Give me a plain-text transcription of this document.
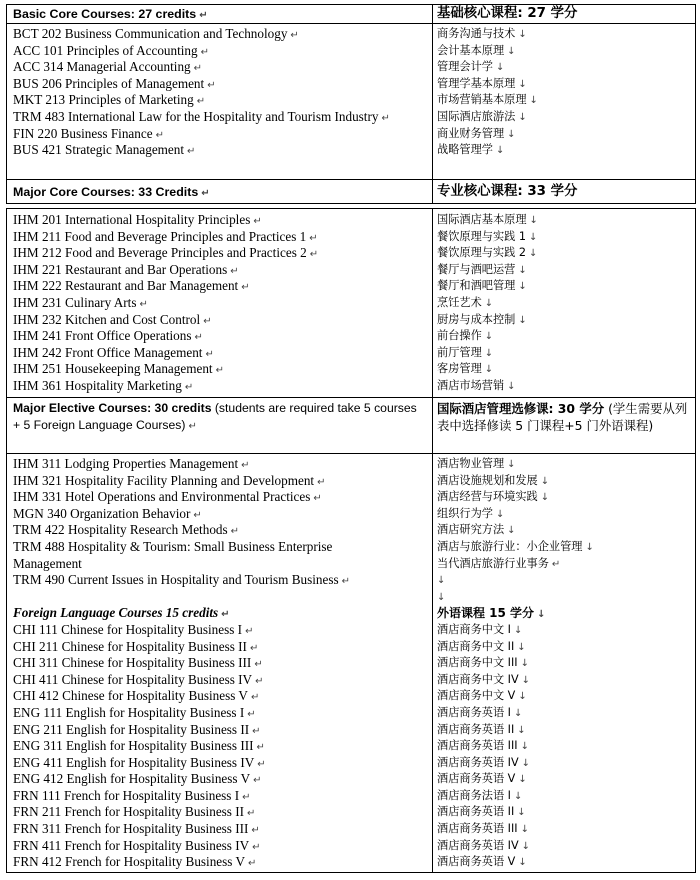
Basic Core Courses: 27 credits ↵	基础核心课程: 27 学分
BCT 202 Business Communication and Technology ↵
ACC 101 Principles of Accounting ↵
ACC 314 Managerial Accounting ↵
BUS 206 Principles of Management ↵
MKT 213 Principles of Marketing ↵
TRM 483 International Law for the Hospitality and Tourism Industry ↵
FIN 220 Business Finance ↵
BUS 421 Strategic Management ↵
商务沟通与技术 ↓
会计基本原理 ↓
管理会计学 ↓
管理学基本原理 ↓
市场营销基本原理 ↓
国际酒店旅游法 ↓
商业财务管理 ↓
战略管理学 ↓
Major Core Courses: 33 Credits ↵	专业核心课程: 33 学分
IHM 201 International Hospitality Principles ↵
IHM 211 Food and Beverage Principles and Practices 1 ↵
IHM 212 Food and Beverage Principles and Practices 2 ↵
IHM 221 Restaurant and Bar Operations ↵
IHM 222 Restaurant and Bar Management ↵
IHM 231 Culinary Arts ↵
IHM 232 Kitchen and Cost Control ↵
IHM 241 Front Office Operations ↵
IHM 242 Front Office Management ↵
IHM 251 Housekeeping Management ↵
IHM 361 Hospitality Marketing ↵
国际酒店基本原理 ↓
餐饮原理与实践 1 ↓
餐饮原理与实践 2 ↓
餐厅与酒吧运营 ↓
餐厅和酒吧管理 ↓
烹饪艺术 ↓
厨房与成本控制 ↓
前台操作 ↓
前厅管理 ↓
客房管理 ↓
酒店市场营销 ↓
Major Elective Courses: 30 credits (students are required take 5 courses + 5 Foreign Language Courses) ↵
国际酒店管理选修课: 30 学分 (学生需要从列表中选择修读 5 门课程+5 门外语课程)
IHM 311 Lodging Properties Management ↵
IHM 321 Hospitality Facility Planning and Development ↵
IHM 331 Hotel Operations and Environmental Practices ↵
MGN 340 Organization Behavior ↵
TRM 422 Hospitality Research Methods ↵
TRM 488 Hospitality & Tourism: Small Business Enterprise Management
TRM 490 Current Issues in Hospitality and Tourism Business ↵
Foreign Language Courses 15 credits ↵
CHI 111 Chinese for Hospitality Business I ↵
CHI 211 Chinese for Hospitality Business II ↵
CHI 311 Chinese for Hospitality Business III ↵
CHI 411 Chinese for Hospitality Business IV ↵
CHI 412 Chinese for Hospitality Business V ↵
ENG 111 English for Hospitality Business I ↵
ENG 211 English for Hospitality Business II ↵
ENG 311 English for Hospitality Business III ↵
ENG 411 English for Hospitality Business IV ↵
ENG 412 English for Hospitality Business V ↵
FRN 111 French for Hospitality Business I ↵
FRN 211 French for Hospitality Business II ↵
FRN 311 French for Hospitality Business III ↵
FRN 411 French for Hospitality Business IV ↵
FRN 412 French for Hospitality Business V ↵
酒店物业管理 ↓
酒店设施规划和发展 ↓
酒店经营与环境实践 ↓
组织行为学 ↓
酒店研究方法 ↓
酒店与旅游行业：小企业管理 ↓
当代酒店旅游行业事务 ↵
↓
↓
外语课程 15 学分 ↓
酒店商务中文 I ↓
酒店商务中文 II ↓
酒店商务中文 III ↓
酒店商务中文 IV ↓
酒店商务中文 V ↓
酒店商务英语 I ↓
酒店商务英语 II ↓
酒店商务英语 III ↓
酒店商务英语 IV ↓
酒店商务英语 V ↓
酒店商务法语 I ↓
酒店商务英语 II ↓
酒店商务英语 III ↓
酒店商务英语 IV ↓
酒店商务英语 V ↓
